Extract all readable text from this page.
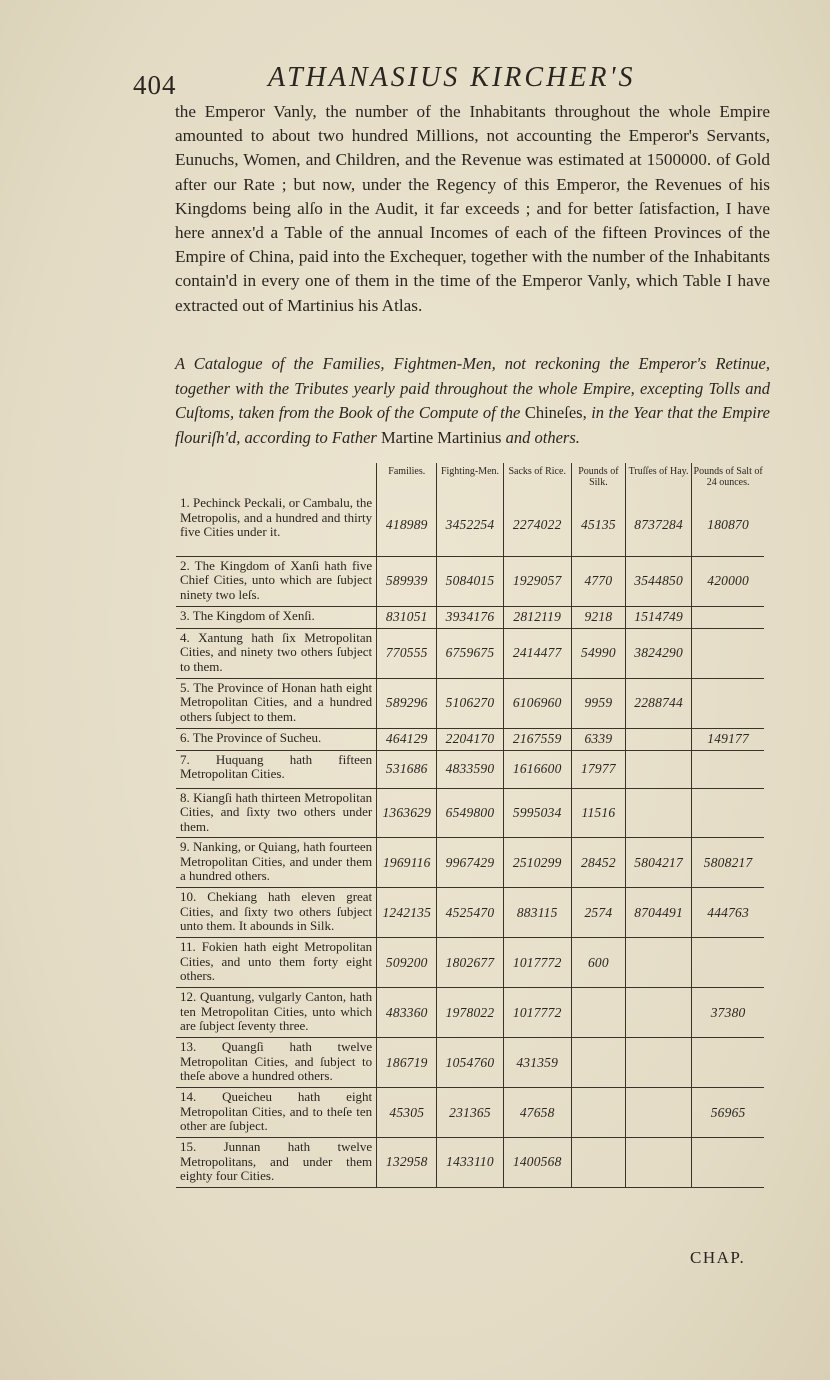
404	ATHANASIUS KIRCHER'S
the Emperor Vanly, the number of the Inhabitants throughout the whole Empire amounted to about two hundred Millions, not accounting the Emperor's Servants, Eunuchs, Women, and Children, and the Revenue was estimated at 1500000. of Gold after our Rate ; but now, under the Regency of this Emperor, the Revenues of his Kingdoms being alſo in the Audit, it far exceeds ; and for better ſatisfaction, I have here annex'd a Table of the annual Incomes of each of the fifteen Provinces of the Empire of China, paid into the Exchequer, together with the number of the Inhabitants contain'd in every one of them in the time of the Emperor Vanly, which Table I have extracted out of Martinius his Atlas.
A Catalogue of the Families, Fightmen-Men, not reckoning the Emperor's Retinue, together with the Tributes yearly paid throughout the whole Empire, excepting Tolls and Cuſtoms, taken from the Book of the Compute of the Chineſes, in the Year that the Empire flouriſh'd, according to Father Martine Martinius and others.
	Families.	Fighting-Men.	Sacks of Rice.	Pounds of Silk.	Truſſes of Hay.	Pounds of Salt of 24 ounces.
1. Pechinck Peckali, or Cambalu, the Metropolis, and a hundred and thirty five Cities under it.	418989	3452254	2274022	45135	8737284	180870
2. The Kingdom of Xanſi hath five Chief Cities, unto which are ſubject ninety two leſs.	589939	5084015	1929057	4770	3544850	420000
3. The Kingdom of Xenſi.	831051	3934176	2812119	9218	1514749	
4. Xantung hath ſix Metropolitan Cities, and ninety two others ſubject to them.	770555	6759675	2414477	54990	3824290	
5. The Province of Honan hath eight Metropolitan Cities, and a hundred others ſubject to them.	589296	5106270	6106960	9959	2288744	
6. The Province of Sucheu.	464129	2204170	2167559	6339		149177
7. Huquang hath fifteen Metropolitan Cities.	531686	4833590	1616600	17977		
8. Kiangſi hath thirteen Metropolitan Cities, and ſixty two others under them.	1363629	6549800	5995034	11516		
9. Nanking, or Quiang, hath fourteen Metropolitan Cities, and under them a hundred others.	1969116	9967429	2510299	28452	5804217	5808217
10. Chekiang hath eleven great Cities, and ſixty two others ſubject unto them. It abounds in Silk.	1242135	4525470	883115	2574	8704491	444763
11. Fokien hath eight Metropolitan Cities, and unto them forty eight others.	509200	1802677	1017772	600		
12. Quantung, vulgarly Canton, hath ten Metropolitan Cities, unto which are ſubject ſeventy three.	483360	1978022	1017772			37380
13. Quangſi hath twelve Metropolitan Cities, and ſubject to theſe above a hundred others.	186719	1054760	431359			
14. Queicheu hath eight Metropolitan Cities, and to theſe ten other are ſubject.	45305	231365	47658			56965
15. Junnan hath twelve Metropolitans, and under them eighty four Cities.	132958	1433110	1400568			
CHAP.
